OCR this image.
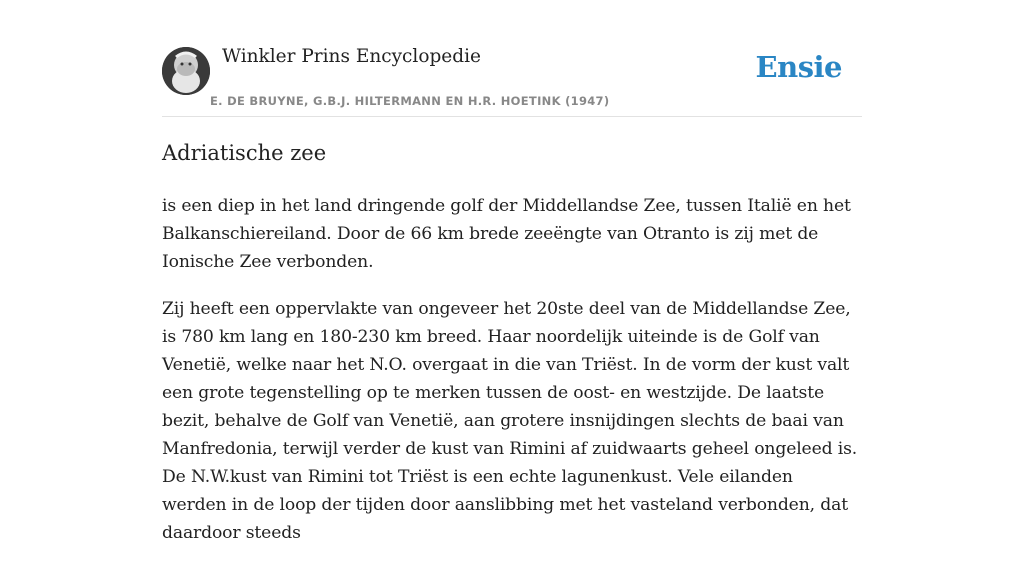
Winkler Prins Encyclopedie	Ensie
E. DE BRUYNE, G.B.J. HILTERMANN EN H.R. HOETINK (1947)
Adriatische zee

is een diep in het land dringende golf der Middellandse Zee, tussen Italië en het Balkanschiereiland. Door de 66 km brede zeeëngte van Otranto is zij met de Ionische Zee verbonden.

Zij heeft een oppervlakte van ongeveer het 20ste deel van de Middellandse Zee, is 780 km lang en 180-230 km breed. Haar noordelijk uiteinde is de Golf van Venetië, welke naar het N.O. overgaat in die van Triëst. In de vorm der kust valt een grote tegenstelling op te merken tussen de oost- en westzijde. De laatste bezit, behalve de Golf van Venetië, aan grotere insnijdingen slechts de baai van Manfredonia, terwijl verder de kust van Rimini af zuidwaarts geheel ongeleed is. De N.W.kust van Rimini tot Triëst is een echte lagunenkust. Vele eilanden werden in de loop der tijden door aanslibbing met het vasteland verbonden, dat daardoor steeds
